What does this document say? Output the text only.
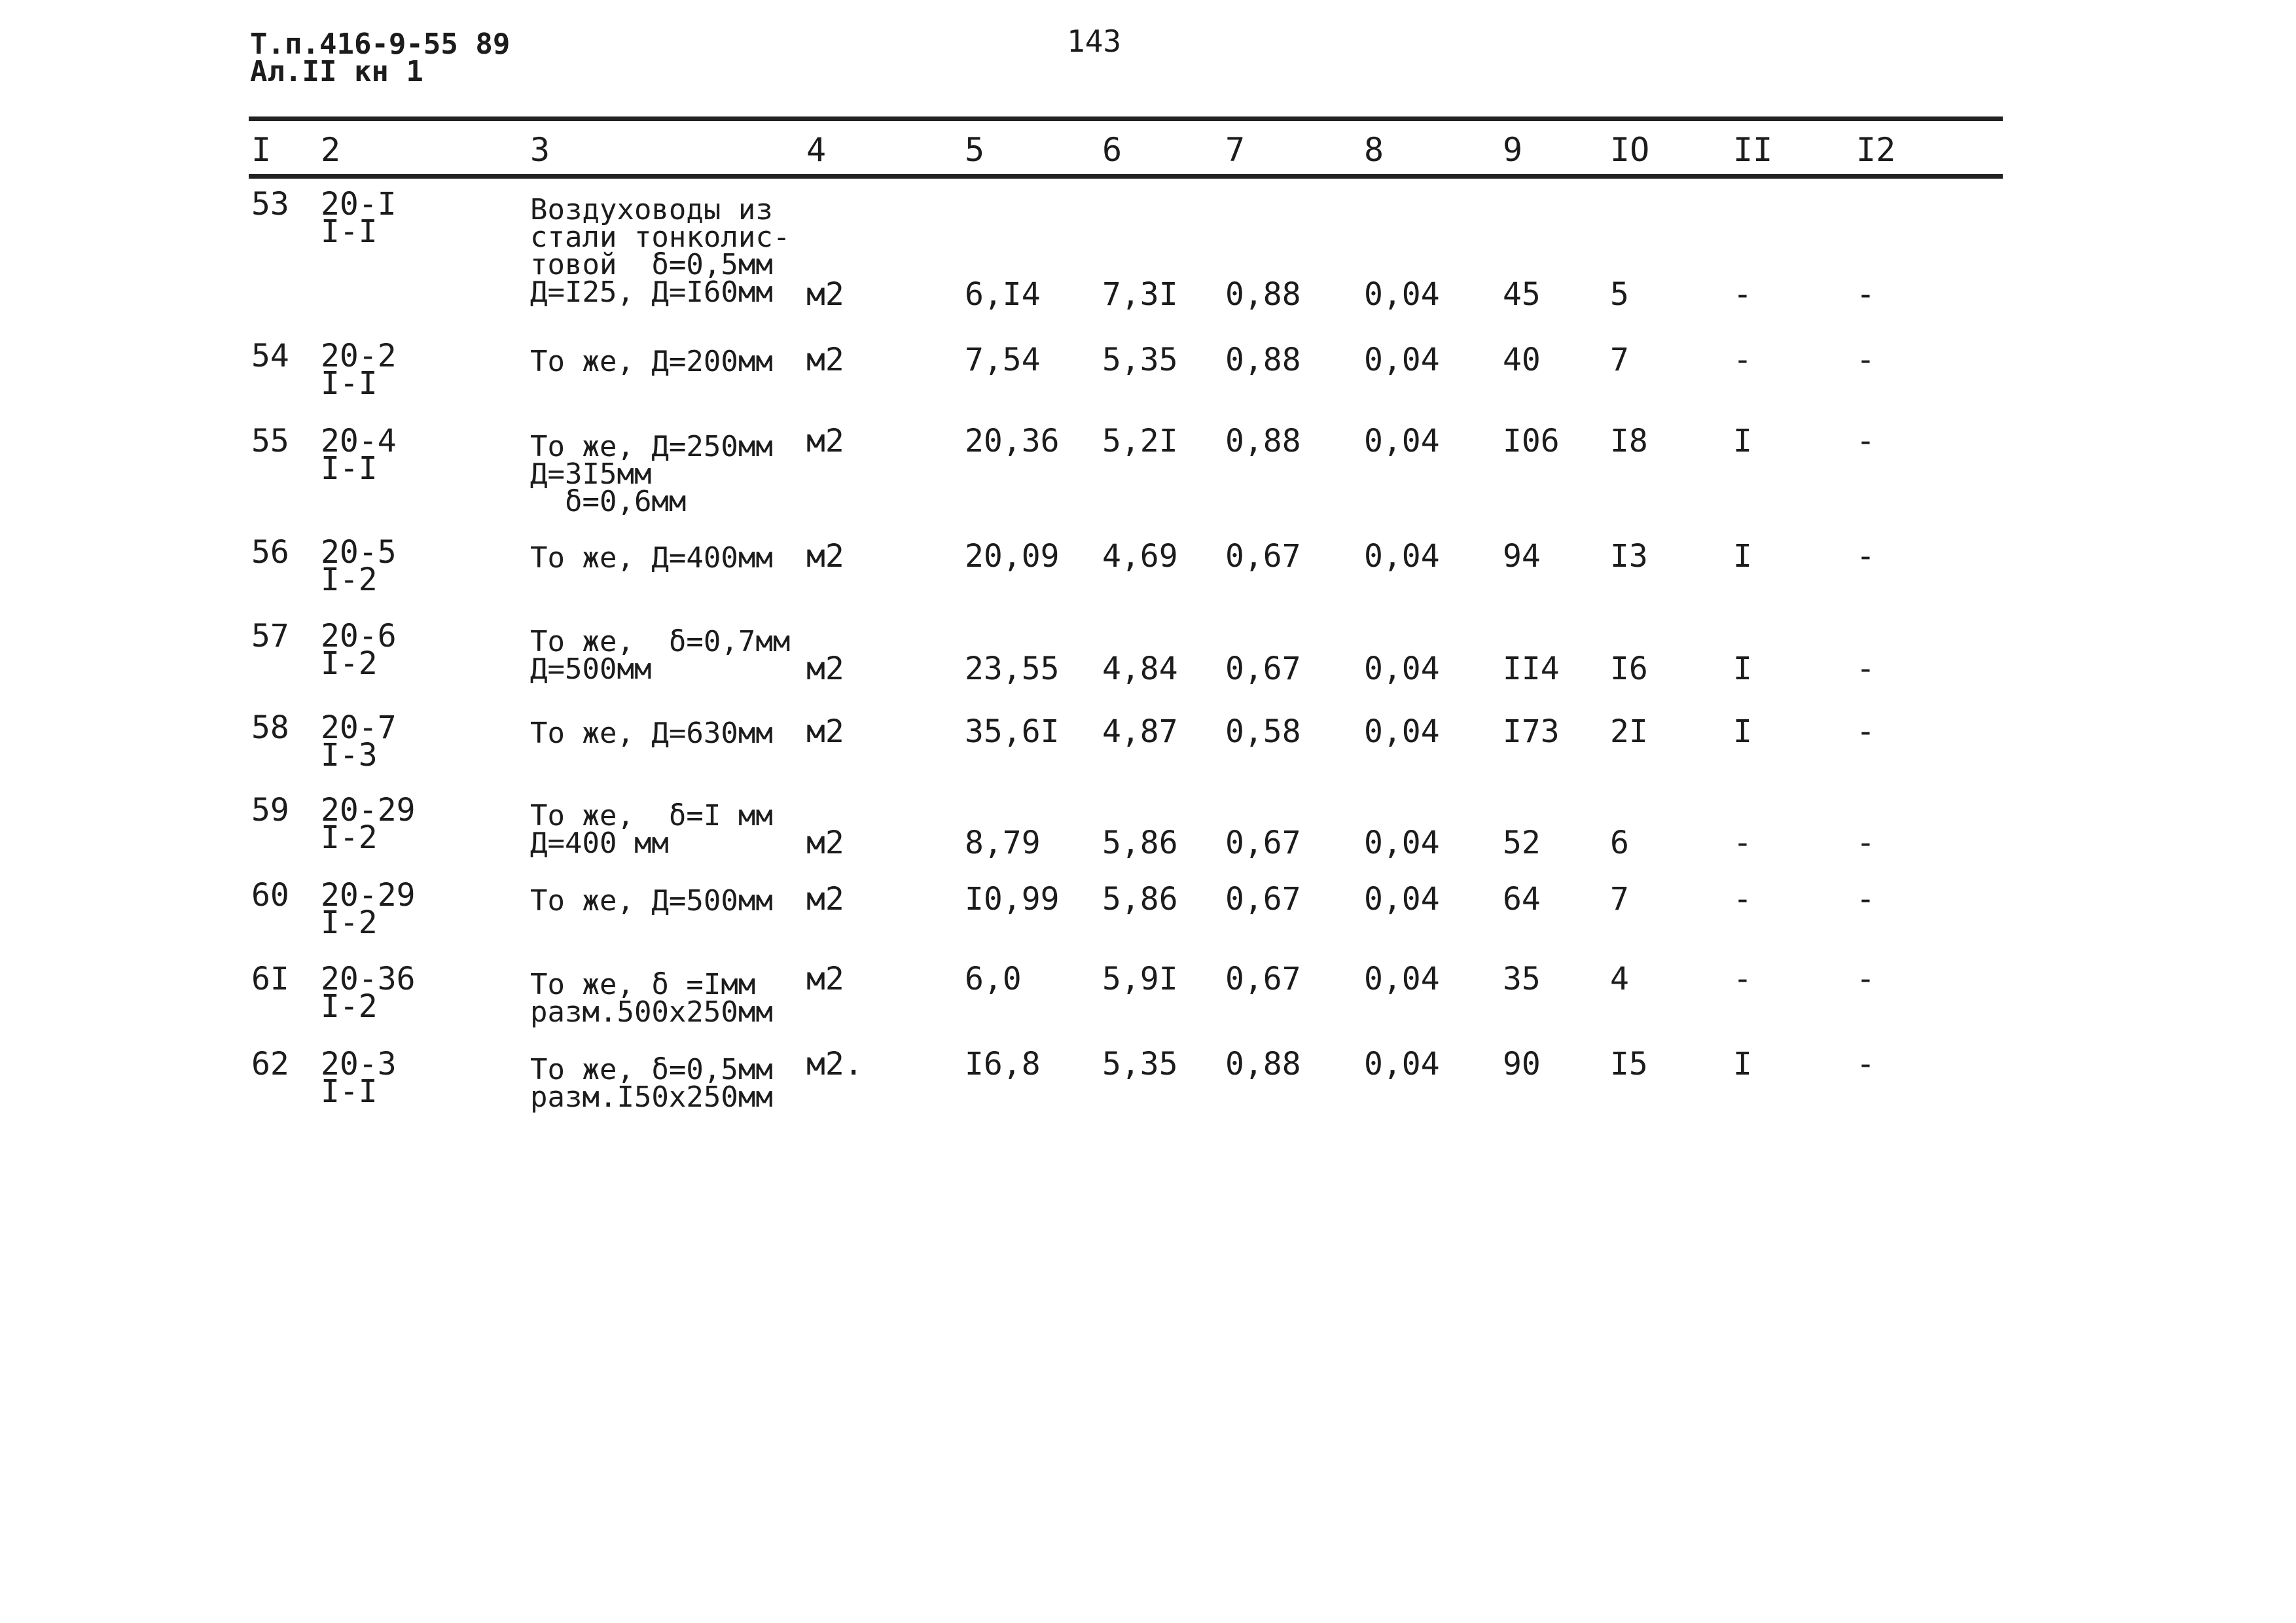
Т.п.416-9-55 89
Ал.II кн 1
143
I 2	3	4	5	6	7	8	9	IO	II	I2
53 20-I
I-I
Воздуховоды из
стали тонколис-
товой  δ=0,5мм
Д=I25, Д=I60мм м2	6,I4 7,3I 0,88 0,04 45 5	-	-
54 20-2
I-I
То же, Д=200мм м2	7,54 5,35 0,88 0,04 40 7	-	-
55 20-4
I-I
То же, Д=250мм
Д=3I5мм
δ=0,6мм
м2	20,36 5,2I 0,88 0,04 I06 I8	I	-
56 20-5
I-2
То же, Д=400мм м2	20,09 4,69 0,67 0,04 94 I3	I	-
57 20-6
I-2
То же,  δ=0,7мм
Д=500мм	м2	23,55 4,84 0,67 0,04 II4 I6	I	-
58 20-7
I-3
То же, Д=630мм м2	35,6I 4,87 0,58 0,04 I73 2I	I	-
59 20-29
I-2
То же,  δ=I мм
Д=400 мм	м2	8,79 5,86 0,67 0,04 52 6	-	-
60 20-29
I-2
То же, Д=500мм м2	I0,99 5,86 0,67 0,04 64 7	-	-
6I 20-36
I-2
То же, δ =Iмм
разм.500х250мм
м2	6,0	5,9I 0,67 0,04 35 4	-	-
62 20-3
I-I
То же, δ=0,5мм
разм.I50х250мм
м2.	I6,8 5,35 0,88 0,04 90 I5	I	-
